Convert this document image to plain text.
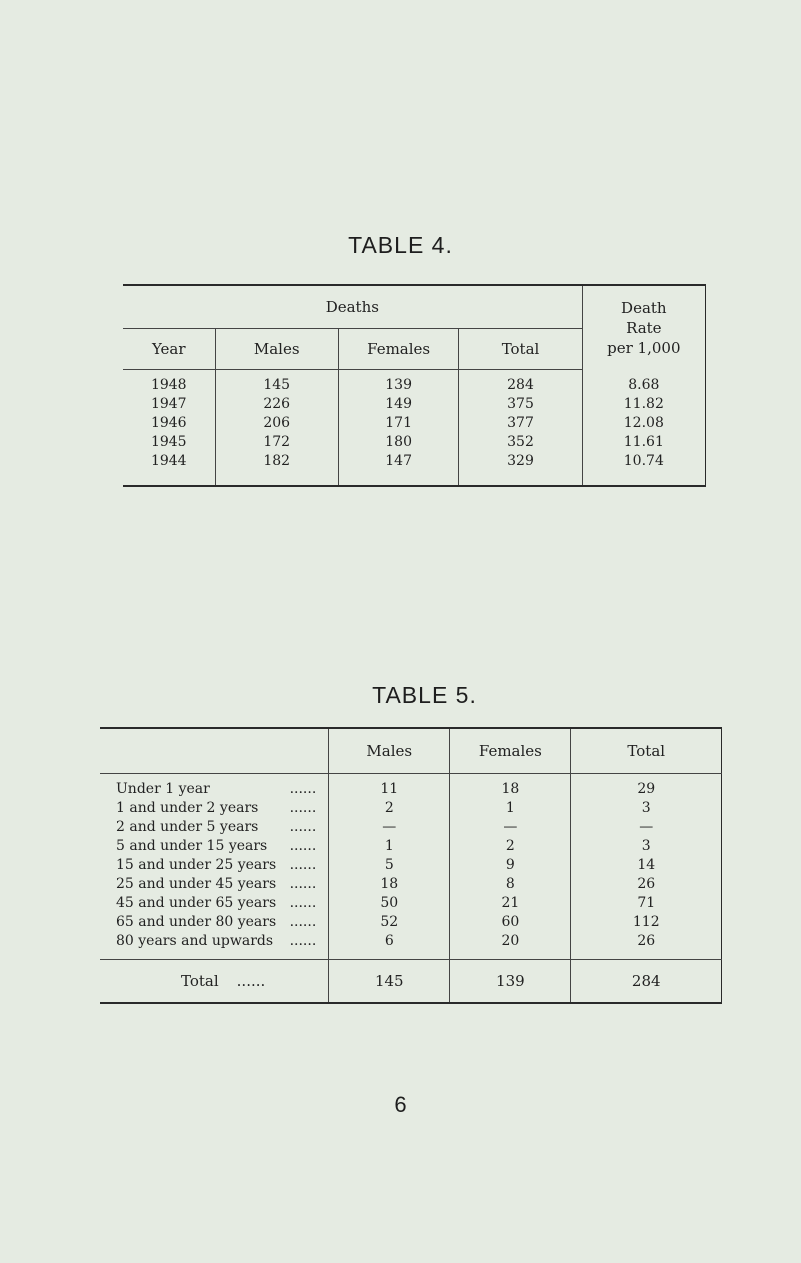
TABLE 4.
Deaths				Death
Rate
per 1,000
Year	Males	Females	Total	
1948	145	139	284	8.68
1947	226	149	375	11.82
1946	206	171	377	12.08
1945	172	180	352	11.61
1944	182	147	329	10.74
TABLE 5.
	Males	Females	Total
Under 1 year ......	11	18	29
1 and under 2 years ......	2	1	3
2 and under 5 years ......	—	—	—
5 and under 15 years ......	1	2	3
15 and under 25 years ......	5	9	14
25 and under 45 years ......	18	8	26
45 and under 65 years ......	50	21	71
65 and under 80 years ......	52	60	112
80 years and upwards ......	6	20	26
Total ......	145	139	284
6
